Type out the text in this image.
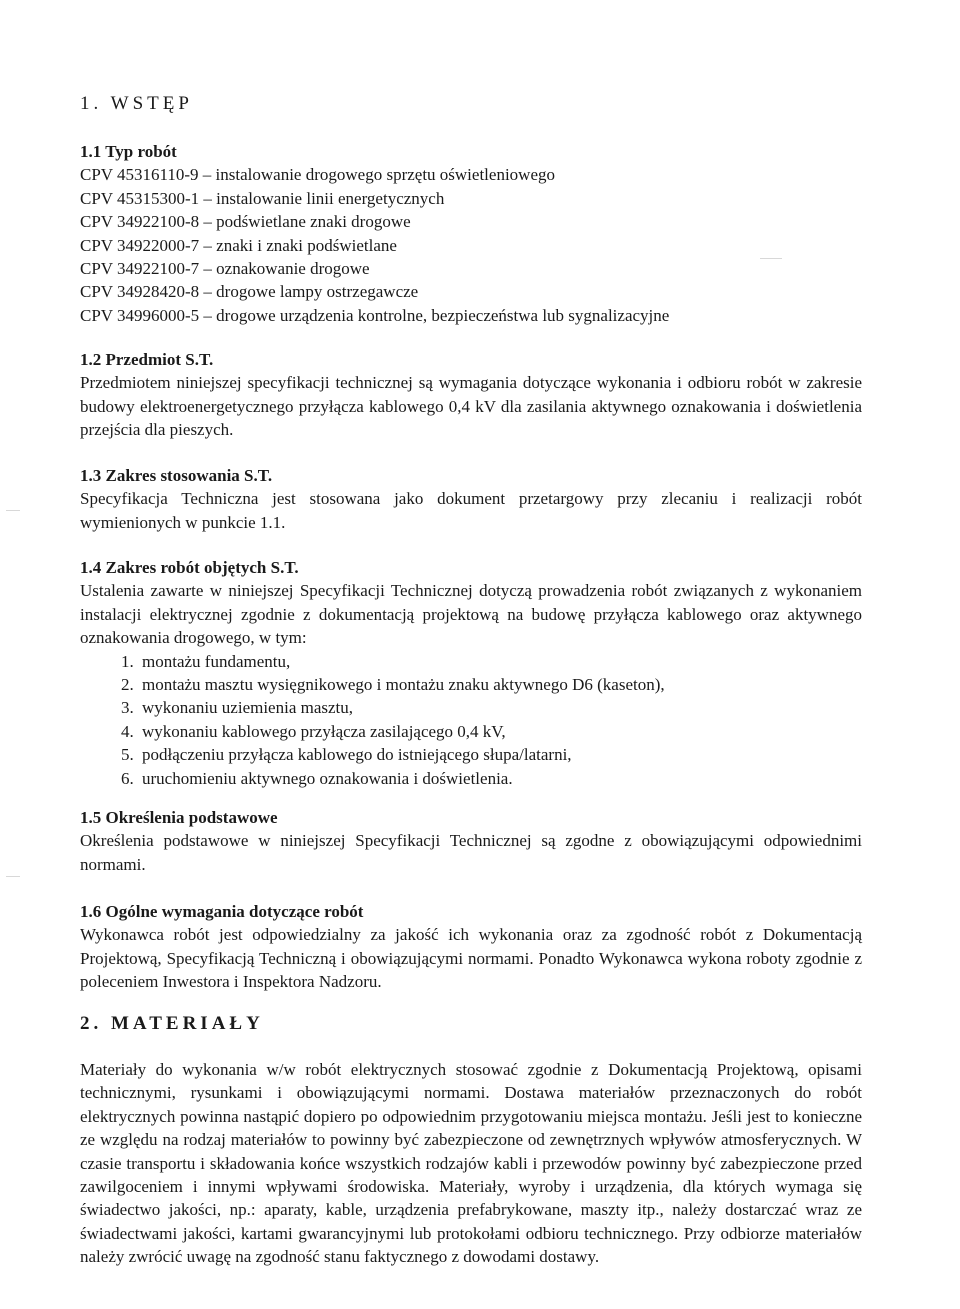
1. WSTĘP
1.1 Typ robót
CPV 45316110-9 – instalowanie drogowego sprzętu oświetleniowego
CPV 45315300-1 – instalowanie linii energetycznych
CPV 34922100-8 – podświetlane znaki drogowe
CPV 34922000-7 – znaki i znaki podświetlane
CPV 34922100-7 – oznakowanie drogowe
CPV 34928420-8 – drogowe lampy ostrzegawcze
CPV 34996000-5 – drogowe urządzenia kontrolne, bezpieczeństwa lub sygnalizacyjne
1.2 Przedmiot S.T.

Przedmiotem niniejszej specyfikacji technicznej są wymagania dotyczące wykonania i odbioru robót w zakresie budowy elektroenergetycznego przyłącza kablowego 0,4 kV dla zasilania aktywnego oznakowania i doświetlenia przejścia dla pieszych.

1.3 Zakres stosowania S.T.

Specyfikacja Techniczna jest stosowana jako dokument przetargowy przy zlecaniu i realizacji robót wymienionych w punkcie 1.1.

1.4 Zakres robót objętych S.T.

Ustalenia zawarte w niniejszej Specyfikacji Technicznej dotyczą prowadzenia robót związanych z wykonaniem instalacji elektrycznej zgodnie z dokumentacją projektową na budowę przyłącza kablowego oraz aktywnego oznakowania drogowego, w tym:

1. montażu fundamentu,
2. montażu masztu wysięgnikowego i montażu znaku aktywnego D6 (kaseton),
3. wykonaniu uziemienia masztu,
4. wykonaniu kablowego przyłącza zasilającego 0,4 kV,
5. podłączeniu przyłącza kablowego do istniejącego słupa/latarni,
6. uruchomieniu aktywnego oznakowania i doświetlenia.
1.5 Określenia podstawowe

Określenia podstawowe w niniejszej Specyfikacji Technicznej są zgodne z obowiązującymi odpowiednimi normami.

1.6 Ogólne wymagania dotyczące robót

Wykonawca robót jest odpowiedzialny za jakość ich wykonania oraz za zgodność robót z Dokumentacją Projektową, Specyfikacją Techniczną i obowiązującymi normami. Ponadto Wykonawca wykona roboty zgodnie z poleceniem Inwestora i Inspektora Nadzoru.

2. MATERIAŁY

Materiały do wykonania w/w robót elektrycznych stosować zgodnie z Dokumentacją Projektową, opisami technicznymi, rysunkami i obowiązującymi normami. Dostawa materiałów przeznaczonych do robót elektrycznych powinna nastąpić dopiero po odpowiednim przygotowaniu miejsca montażu. Jeśli jest to konieczne ze względu na rodzaj materiałów to powinny być zabezpieczone od zewnętrznych wpływów atmosferycznych. W czasie transportu i składowania końce wszystkich rodzajów kabli i przewodów powinny być zabezpieczone przed zawilgoceniem i innymi wpływami środowiska. Materiały, wyroby i urządzenia, dla których wymaga się świadectwo jakości, np.: aparaty, kable, urządzenia prefabrykowane, maszty itp., należy dostarczać wraz ze świadectwami jakości, kartami gwarancyjnymi lub protokołami odbioru technicznego. Przy odbiorze materiałów należy zwrócić uwagę na zgodność stanu faktycznego z dowodami dostawy.
